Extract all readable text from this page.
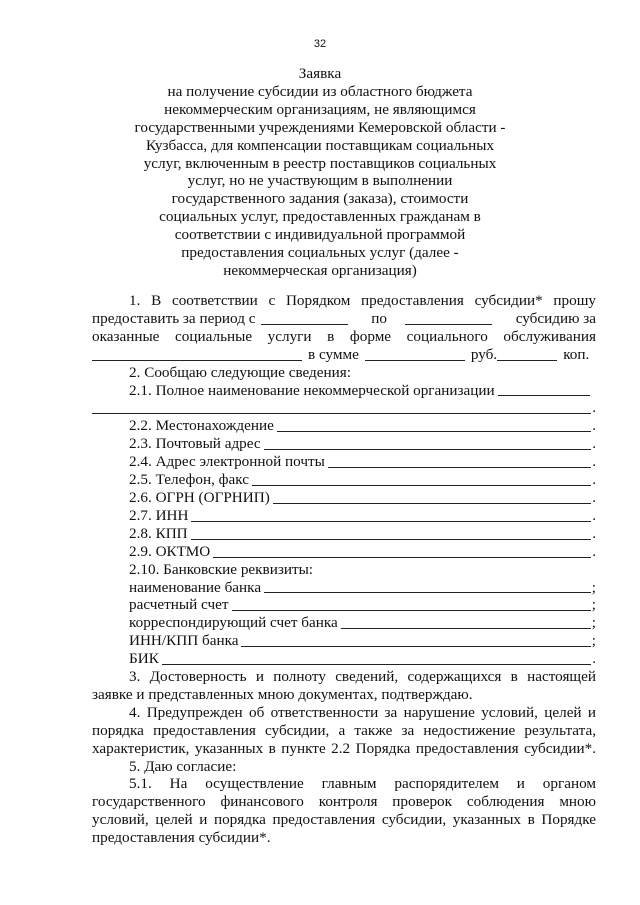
32
Заявка
на получение субсидии из областного бюджета
некоммерческим организациям, не являющимся
государственными учреждениями Кемеровской области -
Кузбасса, для компенсации поставщикам социальных
услуг, включенным в реестр поставщиков социальных
услуг, но не участвующим в выполнении
государственного задания (заказа), стоимости
социальных услуг, предоставленных гражданам в
соответствии с индивидуальной программой
предоставления социальных услуг (далее -
некоммерческая организация)
1. В соответствии с Порядком предоставления субсидии* прошу
предоставить за период с	по	субсидию за
оказанные социальные услуги в форме социального обслуживания
в сумме	руб.	коп.
2. Сообщаю следующие сведения:
2.1. Полное наименование некоммерческой организации
.
2.2. Местонахождение	.
2.3. Почтовый адрес	.
2.4. Адрес электронной почты	.
2.5. Телефон, факс	.
2.6. ОГРН (ОГРНИП)	.
2.7. ИНН	.
2.8. КПП	.
2.9. ОКТМО	.
2.10. Банковские реквизиты:
наименование банка	;
расчетный счет	;
корреспондирующий счет банка	;
ИНН/КПП банка	;
БИК	.
3. Достоверность и полноту сведений, содержащихся в настоящей
заявке и представленных мною документах, подтверждаю.
4. Предупрежден об ответственности за нарушение условий, целей и
порядка предоставления субсидии, а также за недостижение результата,
характеристик, указанных в пункте 2.2 Порядка предоставления субсидии*.
5. Даю согласие:
5.1. На осуществление главным распорядителем и органом
государственного финансового контроля проверок соблюдения мною
условий, целей и порядка предоставления субсидии, указанных в Порядке
предоставления субсидии*.
